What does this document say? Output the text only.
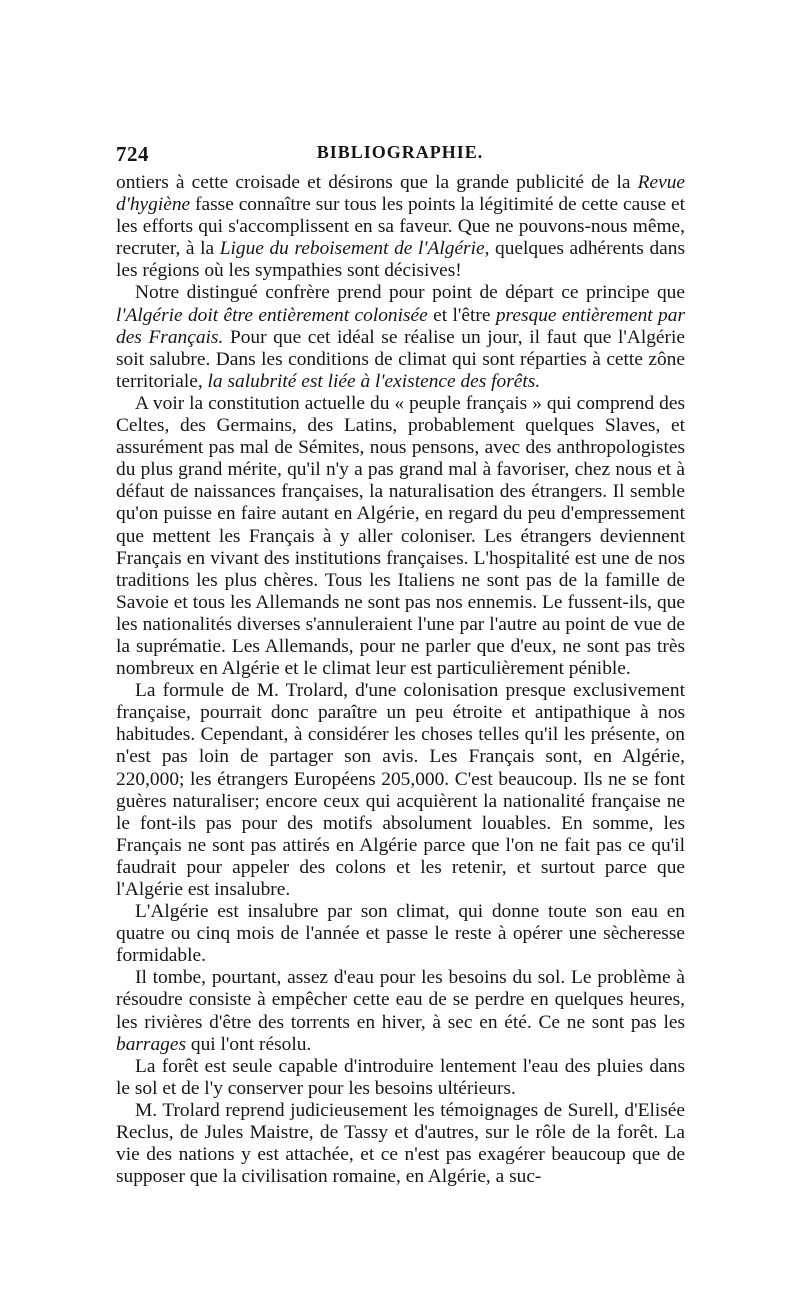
724	BIBLIOGRAPHIE.

ontiers à cette croisade et désirons que la grande publicité de la Revue d'hygiène fasse connaître sur tous les points la légitimité de cette cause et les efforts qui s'accomplissent en sa faveur. Que ne pouvons-nous même, recruter, à la Ligue du reboisement de l'Algérie, quelques adhérents dans les régions où les sympathies sont décisives!

Notre distingué confrère prend pour point de départ ce principe que l'Algérie doit être entièrement colonisée et l'être presque entièrement par des Français. Pour que cet idéal se réalise un jour, il faut que l'Algérie soit salubre. Dans les conditions de climat qui sont réparties à cette zône territoriale, la salubrité est liée à l'existence des forêts.

A voir la constitution actuelle du « peuple français » qui comprend des Celtes, des Germains, des Latins, probablement quelques Slaves, et assurément pas mal de Sémites, nous pensons, avec des anthropologistes du plus grand mérite, qu'il n'y a pas grand mal à favoriser, chez nous et à défaut de naissances françaises, la naturalisation des étrangers. Il semble qu'on puisse en faire autant en Algérie, en regard du peu d'empressement que mettent les Français à y aller coloniser. Les étrangers deviennent Français en vivant des institutions françaises. L'hospitalité est une de nos traditions les plus chères. Tous les Italiens ne sont pas de la famille de Savoie et tous les Allemands ne sont pas nos ennemis. Le fussent-ils, que les nationalités diverses s'annuleraient l'une par l'autre au point de vue de la suprématie. Les Allemands, pour ne parler que d'eux, ne sont pas très nombreux en Algérie et le climat leur est particulièrement pénible.

La formule de M. Trolard, d'une colonisation presque exclusivement française, pourrait donc paraître un peu étroite et antipathique à nos habitudes. Cependant, à considérer les choses telles qu'il les présente, on n'est pas loin de partager son avis. Les Français sont, en Algérie, 220,000; les étrangers Européens 205,000. C'est beaucoup. Ils ne se font guères naturaliser; encore ceux qui acquièrent la nationalité française ne le font-ils pas pour des motifs absolument louables. En somme, les Français ne sont pas attirés en Algérie parce que l'on ne fait pas ce qu'il faudrait pour appeler des colons et les retenir, et surtout parce que l'Algérie est insalubre.

L'Algérie est insalubre par son climat, qui donne toute son eau en quatre ou cinq mois de l'année et passe le reste à opérer une sècheresse formidable.

Il tombe, pourtant, assez d'eau pour les besoins du sol. Le problème à résoudre consiste à empêcher cette eau de se perdre en quelques heures, les rivières d'être des torrents en hiver, à sec en été. Ce ne sont pas les barrages qui l'ont résolu.

La forêt est seule capable d'introduire lentement l'eau des pluies dans le sol et de l'y conserver pour les besoins ultérieurs.

M. Trolard reprend judicieusement les témoignages de Surell, d'Elisée Reclus, de Jules Maistre, de Tassy et d'autres, sur le rôle de la forêt. La vie des nations y est attachée, et ce n'est pas exagérer beaucoup que de supposer que la civilisation romaine, en Algérie, a suc-
